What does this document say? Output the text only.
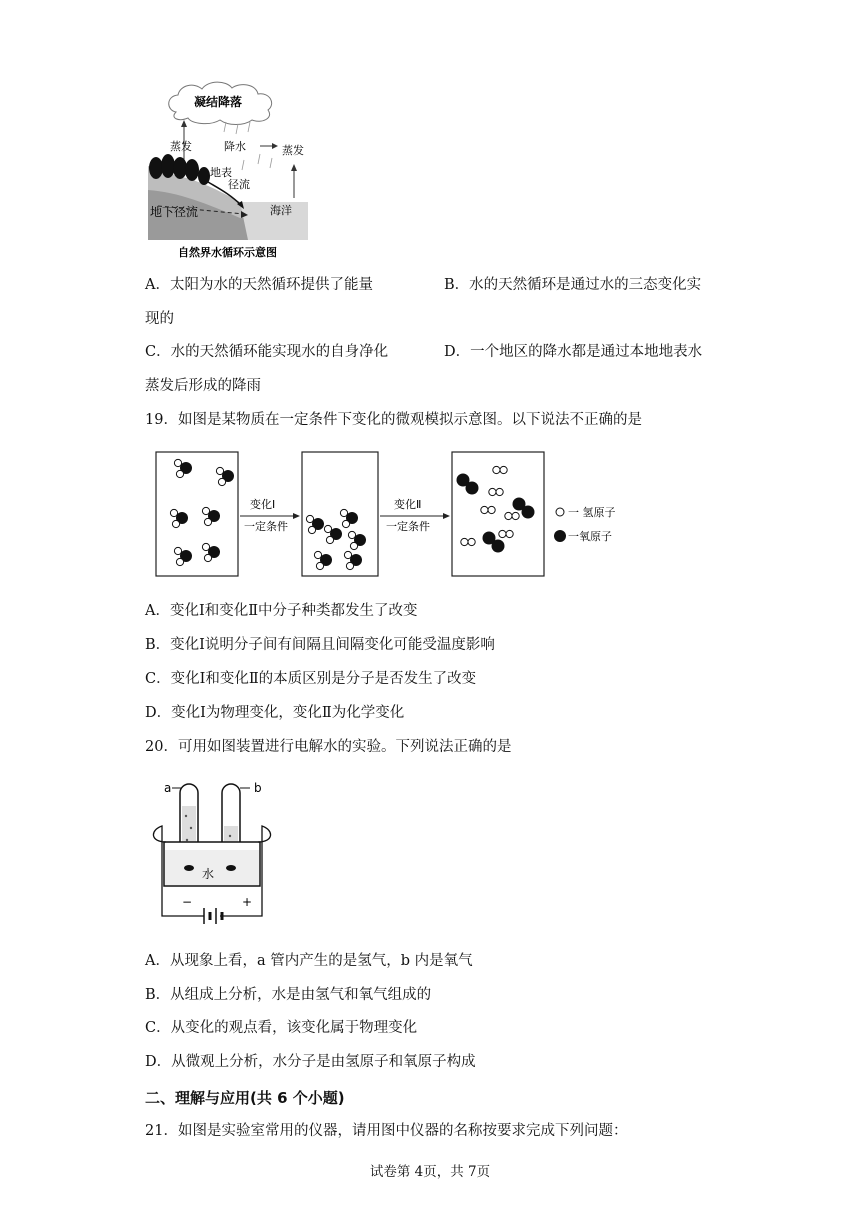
凝结降落
蒸发	降水	蒸发
地表
径流
地下径流	海洋
自然界水循环示意图
A．太阳为水的天然循环提供了能量	B．水的天然循环是通过水的三态变化实
现的
C．水的天然循环能实现水的自身净化	D．一个地区的降水都是通过本地地表水
蒸发后形成的降雨
19．如图是某物质在一定条件下变化的微观模拟示意图。以下说法不正确的是
变化Ⅰ
一定条件
变化Ⅱ
一定条件
一 氢原子
一氧原子
A．变化Ⅰ和变化Ⅱ中分子种类都发生了改变
B．变化Ⅰ说明分子间有间隔且间隔变化可能受温度影响
C．变化Ⅰ和变化Ⅱ的本质区别是分子是否发生了改变
D．变化Ⅰ为物理变化，变化Ⅱ为化学变化
20．可用如图装置进行电解水的实验。下列说法正确的是
a	b
水
−	+
A．从现象上看，a 管内产生的是氢气，b 内是氧气
B．从组成上分析，水是由氢气和氧气组成的
C．从变化的观点看，该变化属于物理变化
D．从微观上分析，水分子是由氢原子和氧原子构成
二、理解与应用(共 6 个小题)
21．如图是实验室常用的仪器，请用图中仪器的名称按要求完成下列问题：
试卷第 4页，共 7页
